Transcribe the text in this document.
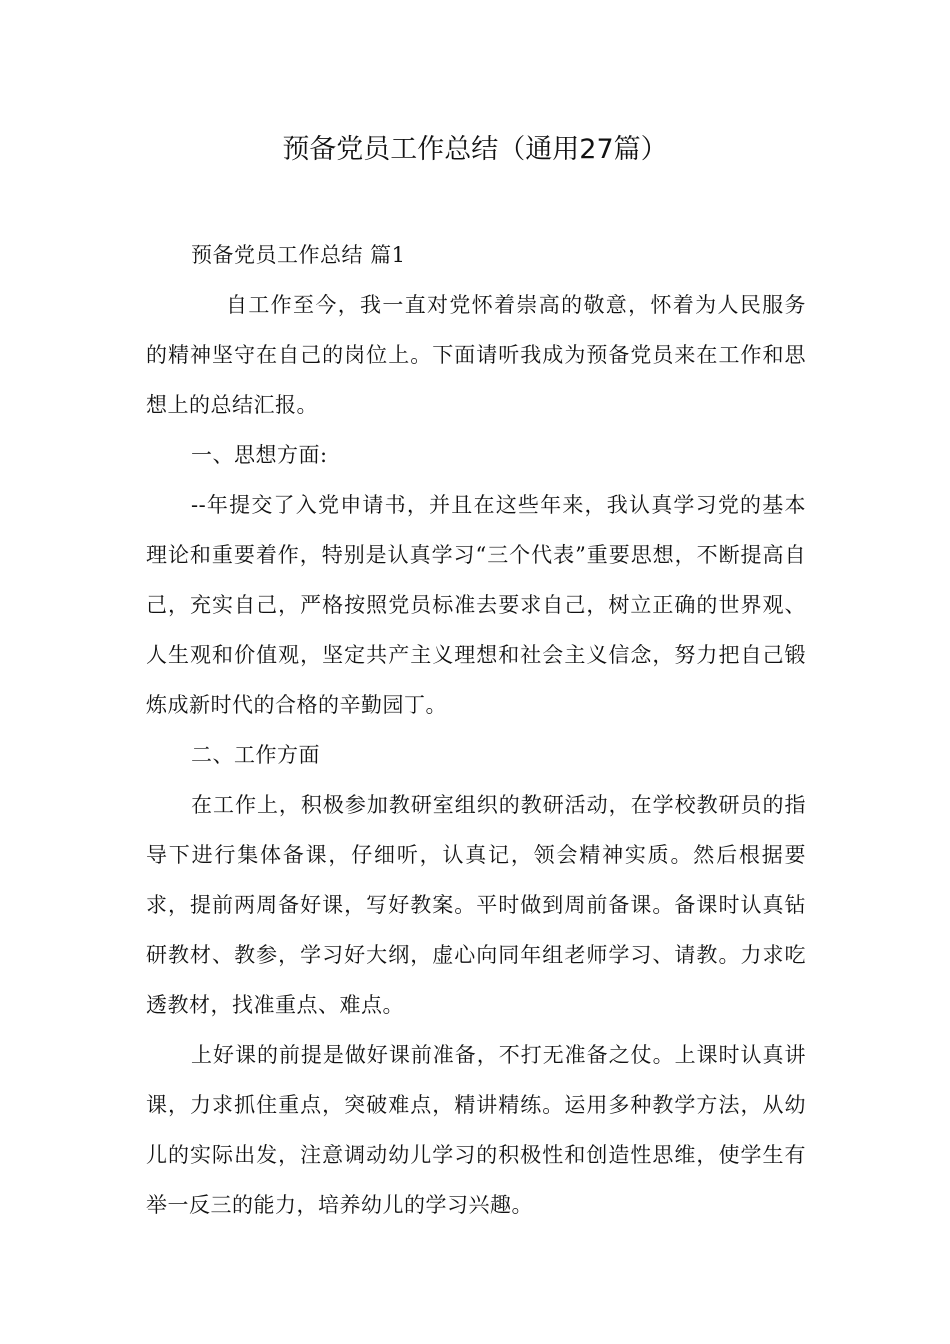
预备党员工作总结（通用27篇）

预备党员工作总结 篇1

自工作至今，我一直对党怀着崇高的敬意，怀着为人民服务的精神坚守在自己的岗位上。下面请听我成为预备党员来在工作和思想上的总结汇报。

一、思想方面:

--年提交了入党申请书，并且在这些年来，我认真学习党的基本理论和重要着作，特别是认真学习“三个代表”重要思想，不断提高自己，充实自己，严格按照党员标准去要求自己，树立正确的世界观、人生观和价值观，坚定共产主义理想和社会主义信念，努力把自己锻炼成新时代的合格的辛勤园丁。

二、工作方面

在工作上，积极参加教研室组织的教研活动，在学校教研员的指导下进行集体备课，仔细听，认真记，领会精神实质。然后根据要求，提前两周备好课，写好教案。平时做到周前备课。备课时认真钻研教材、教参，学习好大纲，虚心向同年组老师学习、请教。力求吃透教材，找准重点、难点。

上好课的前提是做好课前准备，不打无准备之仗。上课时认真讲课，力求抓住重点，突破难点，精讲精练。运用多种教学方法，从幼儿的实际出发，注意调动幼儿学习的积极性和创造性思维，使学生有举一反三的能力，培养幼儿的学习兴趣。
